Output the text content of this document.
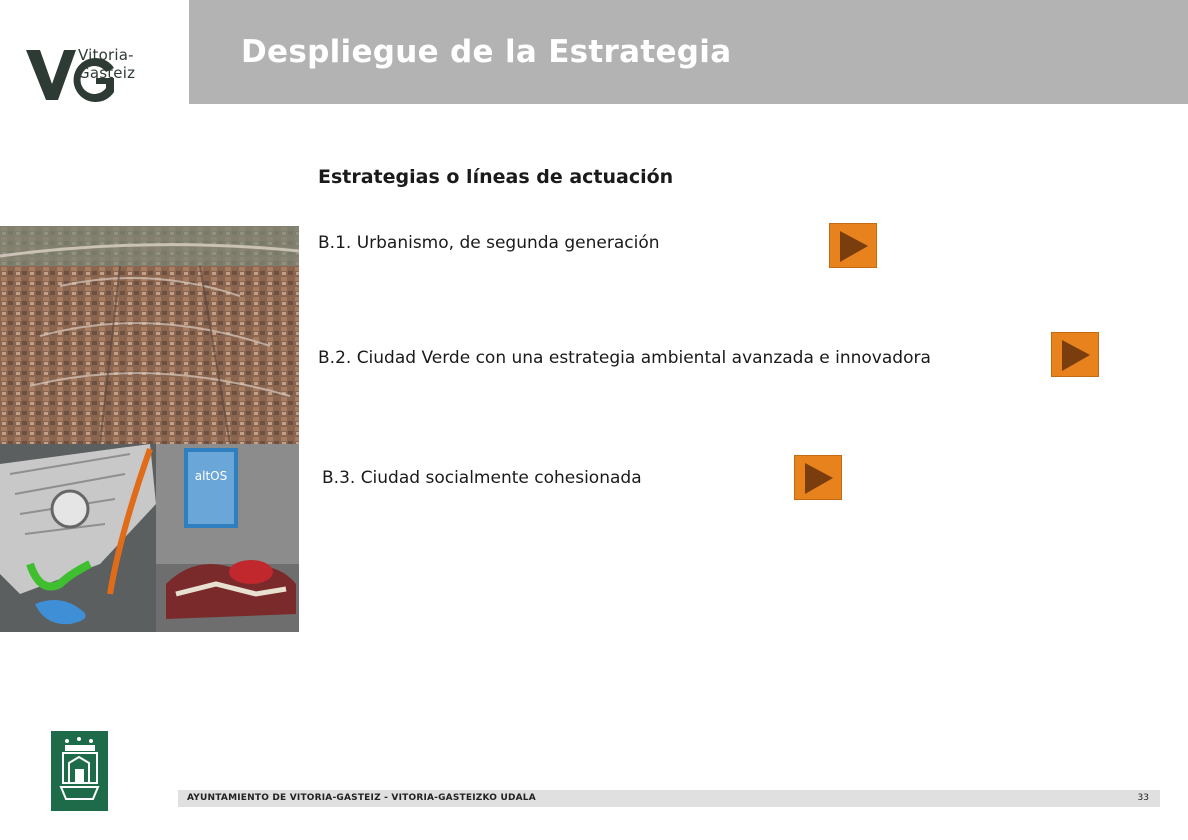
Vitoria-Gasteiz
Despliegue de la Estrategia
altOS
Estrategias o líneas de actuación
B.1. Urbanismo, de segunda generación
B.2. Ciudad Verde con una estrategia ambiental avanzada e innovadora
B.3. Ciudad socialmente cohesionada
AYUNTAMIENTO DE VITORIA-GASTEIZ - VITORIA-GASTEIZKO UDALA	33
